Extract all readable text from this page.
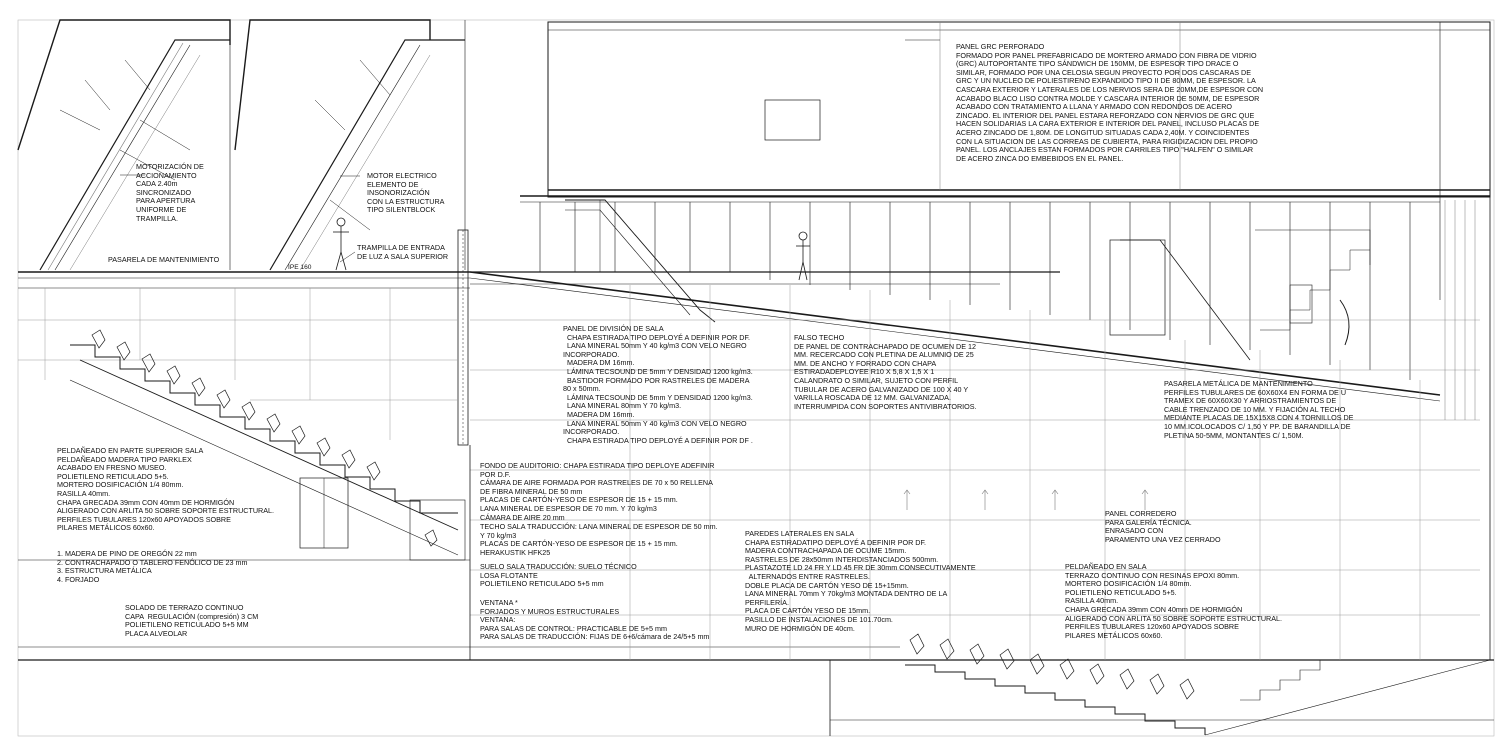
PANEL GRC PERFORADO
FORMADO POR PANEL PREFABRICADO DE MORTERO ARMADO CON FIBRA DE VIDRIO
(GRC) AUTOPORTANTE TIPO SÁNDWICH DE 150MM, DE ESPESOR TIPO DRACE O
SIMILAR, FORMADO POR UNA CELOSIA SEGUN PROYECTO POR DOS CASCARAS DE
GRC Y UN NUCLEO DE POLIESTIRENO EXPANDIDO TIPO II DE 80MM, DE ESPESOR. LA
CASCARA EXTERIOR Y LATERALES DE LOS NERVIOS SERA DE 20MM,DE ESPESOR CON
ACABADO BLACO LISO CONTRA MOLDE Y CASCARA INTERIOR DE 50MM, DE ESPESOR
ACABADO CON TRATAMIENTO A LLANA Y ARMADO CON REDONDOS DE ACERO
ZINCADO. EL INTERIOR DEL PANEL ESTARA REFORZADO CON NERVIOS DE GRC QUE
HACEN SOLIDARIAS LA CARA EXTERIOR E INTERIOR DEL PANEL, INCLUSO PLACAS DE
ACERO ZINCADO DE 1,80M. DE LONGITUD SITUADAS CADA 2,40M. Y COINCIDENTES
CON LA SITUACION DE LAS CORREAS DE CUBIERTA, PARA RIGIDIZACION DEL PROPIO
PANEL. LOS ANCLAJES ESTAN FORMADOS POR CARRILES TIPO "HALFEN" O SIMILAR
DE ACERO ZINCA DO EMBEBIDOS EN EL PANEL.
MOTORIZACIÓN DE
ACCIONAMIENTO
CADA 2.40m
SINCRONIZADO
PARA APERTURA
UNIFORME DE
TRAMPILLA.
MOTOR ELECTRICO
ELEMENTO DE
INSONORIZACIÓN
CON LA ESTRUCTURA
TIPO SILENTBLOCK
PASARELA DE MANTENIMIENTO
TRAMPILLA DE ENTRADA
DE LUZ A SALA SUPERIOR
IPE 160
PANEL DE DIVISIÓN DE SALA
CHAPA ESTIRADA TIPO DEPLOYÉ A DEFINIR POR DF.
LANA MINERAL 50mm Y 40 kg/m3 CON VELO NEGRO
INCORPORADO.
MADERA DM 16mm.
LÁMINA TECSOUND DE 5mm Y DENSIDAD 1200 kg/m3.
BASTIDOR FORMADO POR RASTRELES DE MADERA
80 x 50mm.
LÁMINA TECSOUND DE 5mm Y DENSIDAD 1200 kg/m3.
LANA MINERAL 80mm Y 70 kg/m3.
MADERA DM 16mm.
LANA MINERAL 50mm Y 40 kg/m3 CON VELO NEGRO
INCORPORADO.
CHAPA ESTIRADA TIPO DEPLOYÉ A DEFINIR POR DF .
FALSO TECHO
DE PANEL DE CONTRACHAPADO DE OCUMEN DE 12
MM. RECERCADO CON PLETINA DE ALUMNIO DE 25
MM. DE ANCHO Y FORRADO CON CHAPA
ESTIRADADEPLOYEE R10 X 5,8 X 1,5 X 1
CALANDRATO O SIMILAR, SUJETO CON PERFIL
TUBULAR DE ACERO GALVANIZADO DE 100 X 40 Y
VARILLA ROSCADA DE 12 MM. GALVANIZADA.
INTERRUMPIDA CON SOPORTES ANTIVIBRATORIOS.
PASARELA METÁLICA DE MANTENIMIENTO
PERFILES TUBULARES DE 60X60X4 EN FORMA DE U
TRAMEX DE 60X60X30 Y ARRIOSTRAMIENTOS DE
CABLE TRENZADO DE 10 MM. Y FIJACIÓN AL TECHO
MEDIANTE PLACAS DE 15X15X8 CON 4 TORNILLOS DE
10 MM.ICOLOCADOS C/ 1,50 Y PP. DE BARANDILLA DE
PLETINA 50-5MM, MONTANTES C/ 1,50M.
PELDAÑEADO EN PARTE SUPERIOR SALA
PELDAÑEADO MADERA TIPO PARKLEX
ACABADO EN FRESNO MUSEO.
POLIETILENO RETICULADO 5+5.
MORTERO DOSIFICACIÓN 1/4 80mm.
RASILLA 40mm.
CHAPA GRECADA 39mm CON 40mm DE HORMIGÓN
ALIGERADO CON ARLITA 50 SOBRE SOPORTE ESTRUCTURAL.
PERFILES TUBULARES 120x60 APOYADOS SOBRE
PILARES METÁLICOS 60x60.
1. MADERA DE PINO DE OREGÓN 22 mm
2. CONTRACHAPADO O TABLERO FENÓLICO DE 23 mm
3. ESTRUCTURA METÁLICA
4. FORJADO
SOLADO DE TERRAZO CONTINUO
CAPA  REGULACIÓN (compresión) 3 CM
POLIETILENO RETICULADO 5+5 MM
PLACA ALVEOLAR
FONDO DE AUDITORIO: CHAPA ESTIRADA TIPO DEPLOYE ADEFINIR
POR D.F.
CÁMARA DE AIRE FORMADA POR RASTRELES DE 70 x 50 RELLENA
DE FIBRA MINERAL DE 50 mm
PLACAS DE CARTÓN-YESO DE ESPESOR DE 15 + 15 mm.
LANA MINERAL DE ESPESOR DE 70 mm. Y 70 kg/m3
CÁMARA DE AIRE 20 mm
TECHO SALA TRADUCCIÓN: LANA MINERAL DE ESPESOR DE 50 mm.
Y 70 kg/m3
PLACAS DE CARTÓN-YESO DE ESPESOR DE 15 + 15 mm.
HERAKUSTIK HFK25
SUELO SALA TRADUCCIÓN: SUELO TÉCNICO
LOSA FLOTANTE
POLIETILENO RETICULADO 5+5 mm
VENTANA *
FORJADOS Y MUROS ESTRUCTURALES
VENTANA:
PARA SALAS DE CONTROL: PRACTICABLE DE 5+5 mm
PARA SALAS DE TRADUCCIÓN: FIJAS DE 6+6/cámara de 24/5+5 mm
PAREDES LATERALES EN SALA
CHAPA ESTIRADATIPO DEPLOYÉ A DEFINIR POR DF.
MADERA CONTRACHAPADA DE OCUME 15mm.
RASTRELES DE 28x50mm INTERDISTANCIADOS 500mm.
PLASTAZOTE LD 24 FR Y LD 45 FR DE 30mm CONSECUTIVAMENTE
ALTERNADOS ENTRE RASTRELES.
DOBLE PLACA DE CARTÓN YESO DE 15+15mm.
LANA MINERAL 70mm Y 70kg/m3 MONTADA DENTRO DE LA
PERFILERÍA.
PLACA DE CARTÓN YESO DE 15mm.
PASILLO DE INSTALACIONES DE 101.70cm.
MURO DE HORMIGÓN DE 40cm.
PANEL CORREDERO
PARA GALERÍA TÉCNICA.
ENRASADO CON
PARAMENTO UNA VEZ CERRADO
PELDAÑEADO EN SALA
TERRAZO CONTINUO CON RESINAS EPOXI 80mm.
MORTERO DOSIFICACIÓN 1/4 80mm.
POLIETILENO RETICULADO 5+5.
RASILLA 40mm.
CHAPA GRECADA 39mm CON 40mm DE HORMIGÓN
ALIGERADO CON ARLITA 50 SOBRE SOPORTE ESTRUCTURAL.
PERFILES TUBULARES 120x60 APOYADOS SOBRE
PILARES METÁLICOS 60x60.
